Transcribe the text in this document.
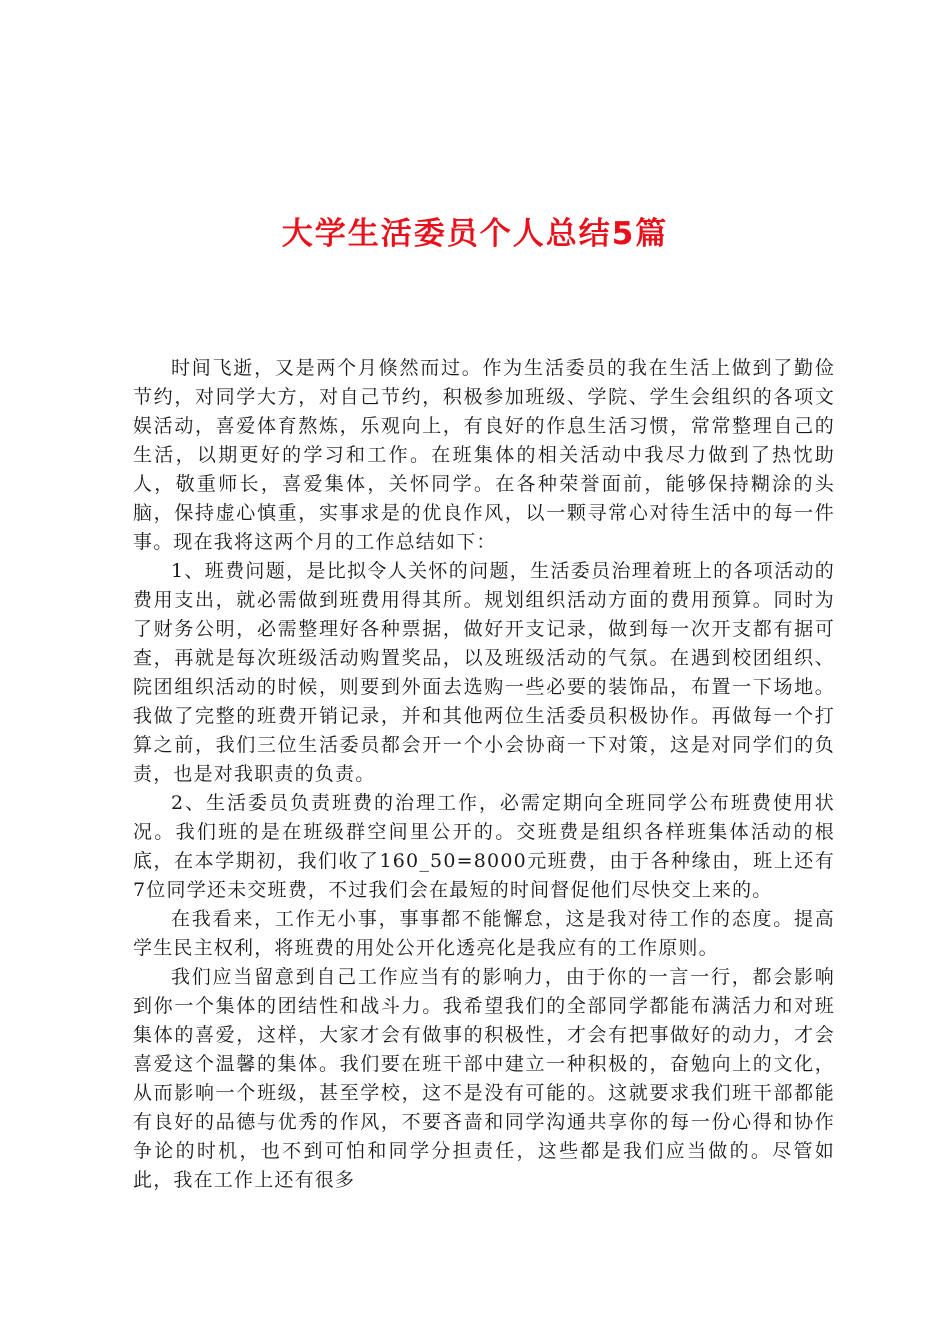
大学生活委员个人总结5篇

时间飞逝，又是两个月倏然而过。作为生活委员的我在生活上做到了勤俭节约，对同学大方，对自己节约，积极参加班级、学院、学生会组织的各项文娱活动，喜爱体育熬炼，乐观向上，有良好的作息生活习惯，常常整理自己的生活，以期更好的学习和工作。在班集体的相关活动中我尽力做到了热忱助人，敬重师长，喜爱集体，关怀同学。在各种荣誉面前，能够保持糊涂的头脑，保持虚心慎重，实事求是的优良作风，以一颗寻常心对待生活中的每一件事。现在我将这两个月的工作总结如下：

1、班费问题，是比拟令人关怀的问题，生活委员治理着班上的各项活动的费用支出，就必需做到班费用得其所。规划组织活动方面的费用预算。同时为了财务公明，必需整理好各种票据，做好开支记录，做到每一次开支都有据可查，再就是每次班级活动购置奖品，以及班级活动的气氛。在遇到校团组织、院团组织活动的时候，则要到外面去选购一些必要的装饰品，布置一下场地。我做了完整的班费开销记录，并和其他两位生活委员积极协作。再做每一个打算之前，我们三位生活委员都会开一个小会协商一下对策，这是对同学们的负责，也是对我职责的负责。

2、生活委员负责班费的治理工作，必需定期向全班同学公布班费使用状况。我们班的是在班级群空间里公开的。交班费是组织各样班集体活动的根底，在本学期初，我们收了160_50=8000元班费，由于各种缘由，班上还有7位同学还未交班费，不过我们会在最短的时间督促他们尽快交上来的。

在我看来，工作无小事，事事都不能懈怠，这是我对待工作的态度。提高学生民主权利，将班费的用处公开化透亮化是我应有的工作原则。

我们应当留意到自己工作应当有的影响力，由于你的一言一行，都会影响到你一个集体的团结性和战斗力。我希望我们的全部同学都能布满活力和对班集体的喜爱，这样，大家才会有做事的积极性，才会有把事做好的动力，才会喜爱这个温馨的集体。我们要在班干部中建立一种积极的，奋勉向上的文化，从而影响一个班级，甚至学校，这不是没有可能的。这就要求我们班干部都能有良好的品德与优秀的作风，不要吝啬和同学沟通共享你的每一份心得和协作争论的时机，也不到可怕和同学分担责任，这些都是我们应当做的。尽管如此，我在工作上还有很多
